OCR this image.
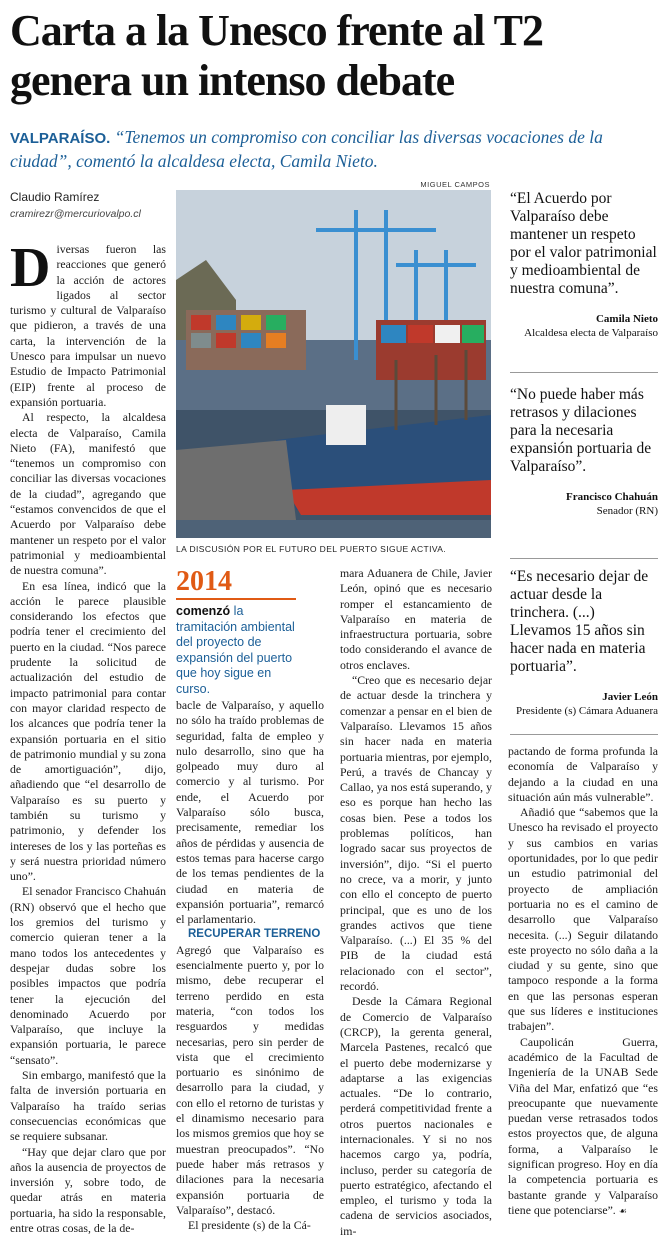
Carta a la Unesco frente al T2 genera un intenso debate

VALPARAÍSO. “Tenemos un compromiso con conciliar las diversas vocaciones de la ciudad”, comentó la alcaldesa electa, Camila Nieto.

Claudio Ramírez
cramirezr@mercuriovalpo.cl
MIGUEL CAMPOS
LA DISCUSIÓN POR EL FUTURO DEL PUERTO SIGUE ACTIVA.

Diversas fueron las reacciones que generó la acción de actores ligados al sector turismo y cultural de Valparaíso que pidieron, a través de una carta, la intervención de la Unesco para impulsar un nuevo Estudio de Impacto Patrimonial (EIP) frente al proceso de expansión portuaria.

Al respecto, la alcaldesa electa de Valparaíso, Camila Nieto (FA), manifestó que “tenemos un compromiso con conciliar las diversas vocaciones de la ciudad”, agregando que “estamos convencidos de que el Acuerdo por Valparaíso debe mantener un respeto por el valor patrimonial y medioambiental de nuestra comuna”.

En esa línea, indicó que la acción le parece plausible considerando los efectos que podría tener el crecimiento del puerto en la ciudad. “Nos parece prudente la solicitud de actualización del estudio de impacto patrimonial para contar con mayor claridad respecto de los alcances que podría tener la expansión portuaria en el sitio de patrimonio mundial y su zona de amortiguación”, dijo, añadiendo que “el desarrollo de Valparaíso es su puerto y también su turismo y patrimonio, y defender los intereses de los y las porteñas es y será nuestra prioridad número uno”.

El senador Francisco Chahuán (RN) observó que el hecho que los gremios del turismo y comercio quieran tener a la mano todos los antecedentes y despejar dudas sobre los posibles impactos que podría tener la ejecución del denominado Acuerdo por Valparaíso, que incluye la expansión portuaria, le parece “sensato”.

Sin embargo, manifestó que la falta de inversión portuaria en Valparaíso ha traído serias consecuencias económicas que se requiere subsanar.

“Hay que dejar claro que por años la ausencia de proyectos de inversión y, sobre todo, de quedar atrás en materia portuaria, ha sido la responsable, entre otras cosas, de la de-

2014
comenzó la tramitación ambiental del proyecto de expansión del puerto que hoy sigue en curso.

bacle de Valparaíso, y aquello no sólo ha traído problemas de seguridad, falta de empleo y nulo desarrollo, sino que ha golpeado muy duro al comercio y al turismo. Por ende, el Acuerdo por Valparaíso sólo busca, precisamente, remediar los años de pérdidas y ausencia de estos temas para hacerse cargo de los temas pendientes de la ciudad en materia de expansión portuaria”, remarcó el parlamentario.

RECUPERAR TERRENO

Agregó que Valparaíso es esencialmente puerto y, por lo mismo, debe recuperar el terreno perdido en esta materia, “con todos los resguardos y medidas necesarias, pero sin perder de vista que el crecimiento portuario es sinónimo de desarrollo para la ciudad, y con ello el retorno de turistas y el dinamismo necesario para los mismos gremios que hoy se muestran preocupados”. “No puede haber más retrasos y dilaciones para la necesaria expansión portuaria de Valparaíso”, destacó.

El presidente (s) de la Cá-

mara Aduanera de Chile, Javier León, opinó que es necesario romper el estancamiento de Valparaíso en materia de infraestructura portuaria, sobre todo considerando el avance de otros enclaves.

“Creo que es necesario dejar de actuar desde la trinchera y comenzar a pensar en el bien de Valparaíso. Llevamos 15 años sin hacer nada en materia portuaria mientras, por ejemplo, Perú, a través de Chancay y Callao, ya nos está superando, y eso es porque han hecho las cosas bien. Pese a todos los problemas políticos, han logrado sacar sus proyectos de inversión”, dijo. “Si el puerto no crece, va a morir, y junto con ello el concepto de puerto principal, que es uno de los grandes activos que tiene Valparaíso. (...) El 35 % del PIB de la ciudad está relacionado con el sector”, recordó.

Desde la Cámara Regional de Comercio de Valparaíso (CRCP), la gerenta general, Marcela Pastenes, recalcó que el puerto debe modernizarse y adaptarse a las exigencias actuales. “De lo contrario, perderá competitividad frente a otros puertos nacionales e internacionales. Y si no nos hacemos cargo ya, podría, incluso, perder su categoría de puerto estratégico, afectando el empleo, el turismo y toda la cadena de servicios asociados, im-

pactando de forma profunda la economía de Valparaíso y dejando a la ciudad en una situación aún más vulnerable”.

Añadió que “sabemos que la Unesco ha revisado el proyecto y sus cambios en varias oportunidades, por lo que pedir un estudio patrimonial del proyecto de ampliación portuaria no es el camino de desarrollo que Valparaíso necesita. (...) Seguir dilatando este proyecto no sólo daña a la ciudad y su gente, sino que tampoco responde a la forma en que las personas esperan que sus líderes e instituciones trabajen”.

Caupolicán Guerra, académico de la Facultad de Ingeniería de la UNAB Sede Viña del Mar, enfatizó que “es preocupante que nuevamente puedan verse retrasados todos estos proyectos que, de alguna forma, a Valparaíso le significan progreso. Hoy en día la competencia portuaria es bastante grande y Valparaíso tiene que potenciarse”. ☙

“El Acuerdo por Valparaíso debe mantener un respeto por el valor patrimonial y medioambiental de nuestra comuna”.

Camila Nieto
Alcaldesa electa de Valparaíso

“No puede haber más retrasos y dilaciones para la necesaria expansión portuaria de Valparaíso”.

Francisco Chahuán
Senador (RN)

“Es necesario dejar de actuar desde la trinchera. (...) Llevamos 15 años sin hacer nada en materia portuaria”.

Javier León
Presidente (s) Cámara Aduanera
